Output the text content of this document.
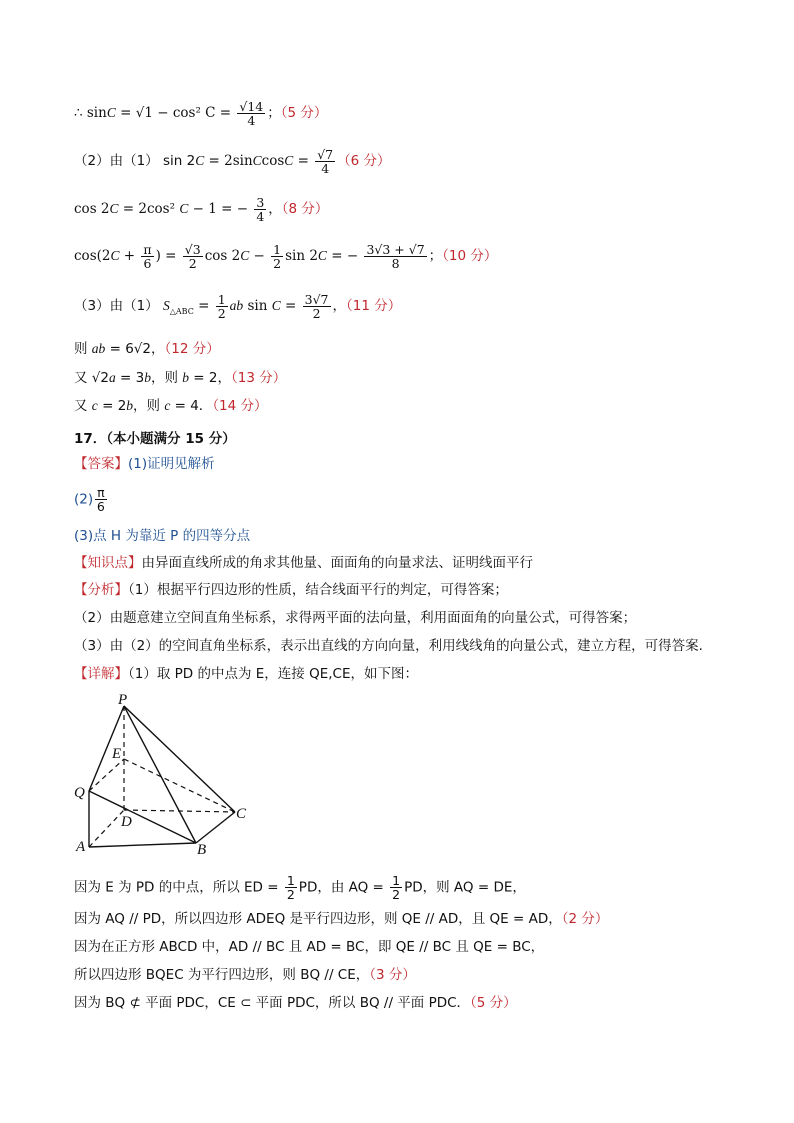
∴ sinC = √1 − cos² $C = \frac{√14}{4}$ ；（5 分）
（2）由（1） sin 2C = 2sinCcosC = $\frac{√7}{4} (6$ 分）
cos 2C = 2cos² C − 1 = − $\frac{3}{4}$ ，（8 分）
$\cos(2C + \frac{\pi}{6}$ ) = $\frac{√3}{2}$ $\cos 2C - \frac{1}{2}$ sin 2C = − $\frac{3√3 + √7}{8}$ ；（10 分）
（3）由（1） $S_{\triangle ABC} = \frac{1}{2}$ ab $\sin C = \frac{3√7}{2}$ ，（11 分）
则 ab = 6√2，（12 分）
又 √2a = 3b，则 b = 2，（13 分）
又 c = 2b，则 c = 4．（14 分）
17．（本小题满分 15 分）
【答案】(1)证明见解析
$(2) \frac{\pi}{6}$
(3)点 H 为靠近 P 的四等分点
【知识点】由异面直线所成的角求其他量、面面角的向量求法、证明线面平行
【分析】（1）根据平行四边形的性质，结合线面平行的判定，可得答案；
（2）由题意建立空间直角坐标系，求得两平面的法向量，利用面面角的向量公式，可得答案；
（3）由（2）的空间直角坐标系，表示出直线的方向向量，利用线线角的向量公式，建立方程，可得答案.
【详解】（1）取 PD 的中点为 E，连接 QE,CE，如下图：
P
E
Q
D	C
A	B
因为 E 为 PD 的中点，所以 ED = $\frac{1}{2}$ PD，由 AQ = $\frac{1}{2}$ PD，则 AQ = DE，
因为 AQ // PD，所以四边形 ADEQ 是平行四边形，则 QE // AD，且 QE = AD，（2 分）
因为在正方形 ABCD 中，AD // BC 且 AD = BC，即 QE // BC 且 QE = BC，
所以四边形 BQEC 为平行四边形，则 BQ // CE，（3 分）
因为 BQ ⊄ 平面 PDC，CE ⊂ 平面 PDC，所以 BQ // 平面 PDC．（5 分）
